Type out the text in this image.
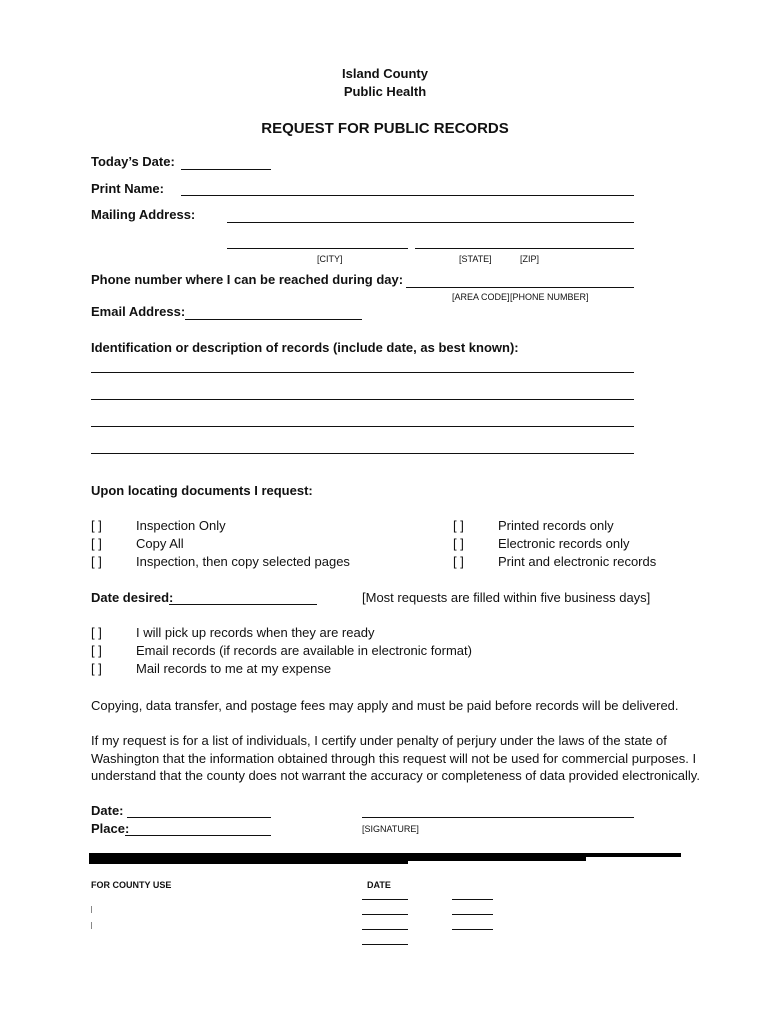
Island County
Public Health
REQUEST FOR PUBLIC RECORDS
Today’s Date:
Print Name:
Mailing Address:
[CITY]	[STATE]	[ZIP]
Phone number where I can be reached during day:
[AREA CODE] [PHONE NUMBER]
Email Address:
Identification or description of records (include date, as best known):
Upon locating documents I request:
[ ]	Inspection Only
[ ]	Copy All
[ ]	Inspection, then copy selected pages
[ ]	Printed records only
[ ]	Electronic records only
[ ]	Print and electronic records
Date desired:	[Most requests are filled within five business days]
[ ]	I will pick up records when they are ready
[ ]	Email records (if records are available in electronic format)
[ ]	Mail records to me at my expense
Copying, data transfer, and postage fees may apply and must be paid before records will be delivered.
If my request is for a list of individuals, I certify under penalty of perjury under the laws of the state of
Washington that the information obtained through this request will not be used for commercial purposes. I
understand that the county does not warrant the accuracy or completeness of data provided electronically.
Date:
Place:	[SIGNATURE]
FOR COUNTY USE	DATE
